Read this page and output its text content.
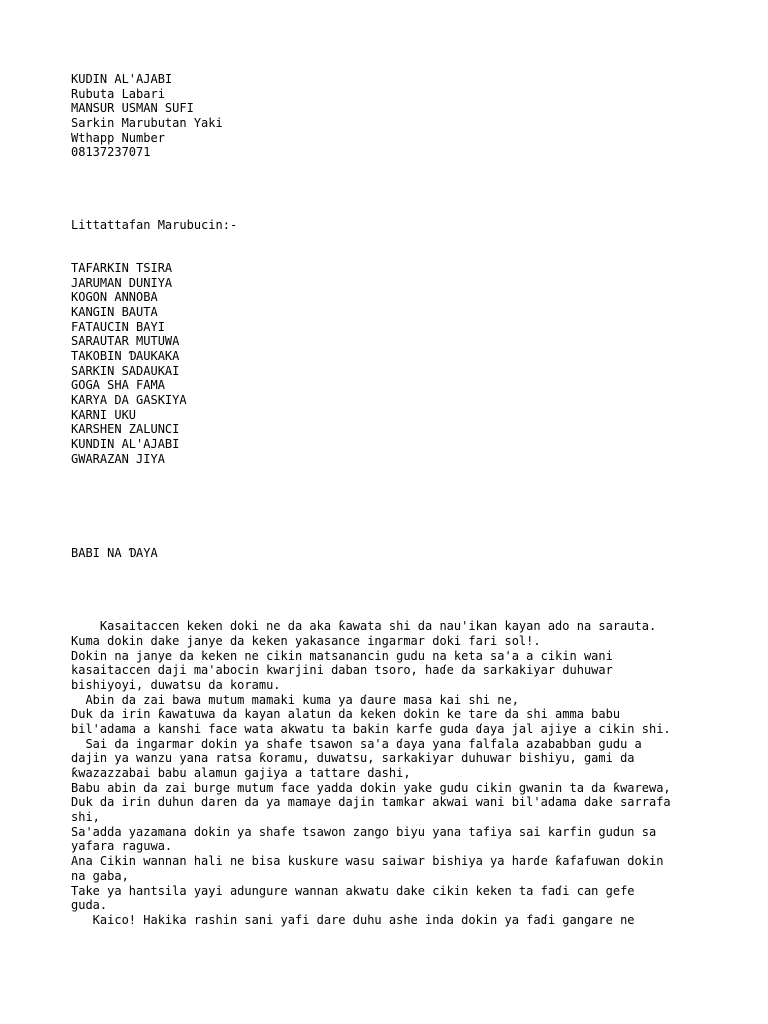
KUDIN AL'AJABI
Rubuta Labari
MANSUR USMAN SUFI
Sarkin Marubutan Yaki
Wthapp Number
08137237071
Littattafan Marubucin:-
TAFARKIN TSIRA
JARUMAN DUNIYA
KOGON ANNOBA
KANGIN BAUTA
FATAUCIN BAYI
SARAUTAR MUTUWA
TAKOBIN ƊAUKAKA
SARKIN SADAUKAI
GOGA SHA FAMA
KARYA DA GASKIYA
KARNI UKU
KARSHEN ZALUNCI
KUNDIN AL'AJABI
GWARAZAN JIYA
BABI NA ƊAYA
Kasaitaccen keken doki ne da aka ƙawata shi da nau'ikan kayan ado na sarauta.
Kuma dokin dake janye da keken yakasance ingarmar doki fari sol!.
Dokin na janye da keken ne cikin matsanancin gudu na keta sa'a a cikin wani
kasaitaccen daji ma'abocin kwarjini daban tsoro, haɗe da sarkakiyar duhuwar
bishiyoyi, duwatsu da koramu.
Abin da zai bawa mutum mamaki kuma ya ɗaure masa kai shi ne,
Duk da irin ƙawatuwa da kayan alatun da keken dokin ke tare da shi amma babu
bil'adama a kanshi face wata akwatu ta bakin karfe guda ɗaya jal ajiye a cikin shi.
Sai da ingarmar dokin ya shafe tsawon sa'a ɗaya yana falfala azababban gudu a
dajin ya wanzu yana ratsa ƙoramu, duwatsu, sarkakiyar duhuwar bishiyu, gami da
ƙwazazzabai babu alamun gajiya a tattare dashi,
Babu abin da zai burge mutum face yadda dokin yake gudu cikin gwanin ta da ƙwarewa,
Duk da irin duhun daren da ya mamaye dajin tamkar akwai wani bil'adama dake sarrafa
shi,
Sa'adda yazamana dokin ya shafe tsawon zango biyu yana tafiya sai karfin gudun sa
yafara raguwa.
Ana Cikin wannan hali ne bisa kuskure wasu saiwar bishiya ya harɗe ƙafafuwan dokin
na gaba,
Take ya hantsila yayi adungure wannan akwatu dake cikin keken ta faɗi can gefe
guda.
Kaico! Hakika rashin sani yafi dare duhu ashe inda dokin ya faɗi gangare ne
